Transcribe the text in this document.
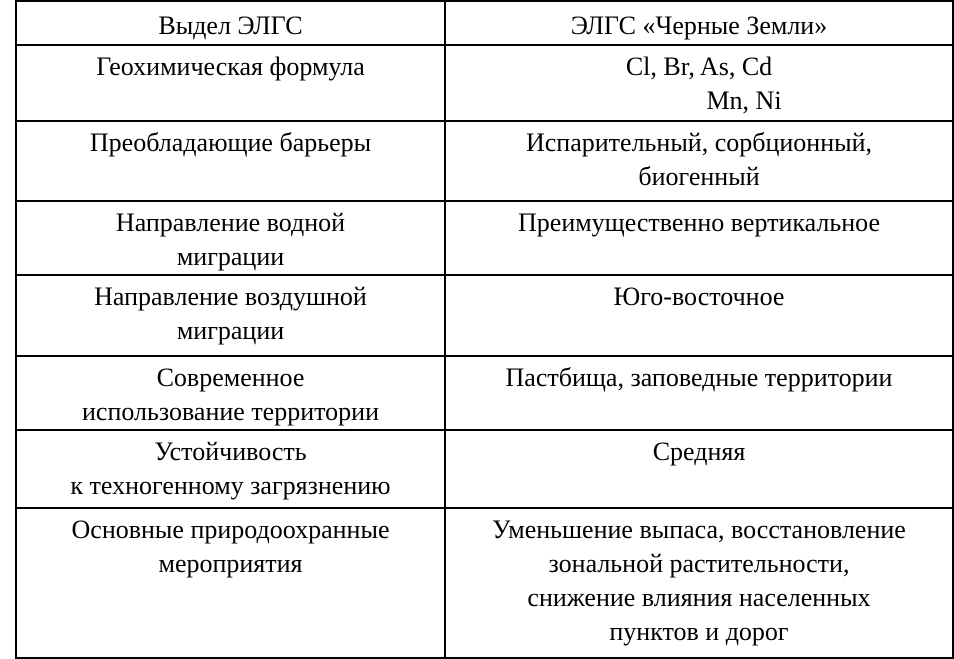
Выдел ЭЛГС	ЭЛГС «Черные Земли»

Геохимическая формула	Cl, Br, As, Cd
Mn, Ni

Преобладающие барьеры	Испарительный, сорбционный,
биогенный

Направление водной
миграции	Преимущественно вертикальное

Направление воздушной
миграции	Юго-восточное

Современное
использование территории	Пастбища, заповедные территории

Устойчивость
к техногенному загрязнению	Средняя

Основные природоохранные
мероприятия	Уменьшение выпаса, восстановление
зональной растительности,
снижение влияния населенных
пунктов и дорог
